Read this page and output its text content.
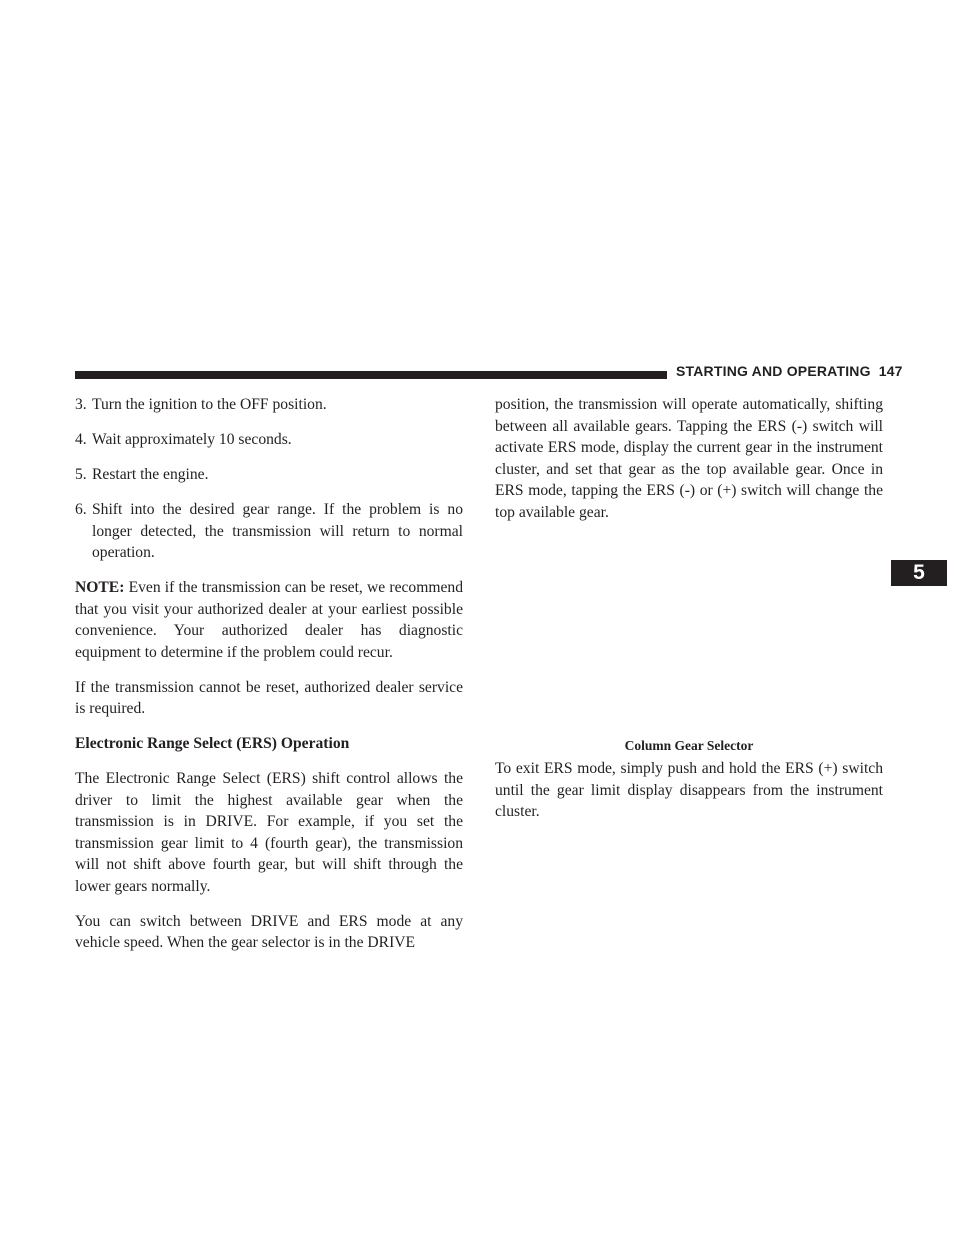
STARTING AND OPERATING 147
5
3. Turn the ignition to the OFF position.
4. Wait approximately 10 seconds.
5. Restart the engine.
6. Shift into the desired gear range. If the problem is no longer detected, the transmission will return to normal operation.

NOTE: Even if the transmission can be reset, we recommend that you visit your authorized dealer at your earliest possible convenience. Your authorized dealer has diagnostic equipment to determine if the problem could recur.

If the transmission cannot be reset, authorized dealer service is required.

Electronic Range Select (ERS) Operation

The Electronic Range Select (ERS) shift control allows the driver to limit the highest available gear when the transmission is in DRIVE. For example, if you set the transmission gear limit to 4 (fourth gear), the transmission will not shift above fourth gear, but will shift through the lower gears normally.

You can switch between DRIVE and ERS mode at any vehicle speed. When the gear selector is in the DRIVE

position, the transmission will operate automatically, shifting between all available gears. Tapping the ERS (-) switch will activate ERS mode, display the current gear in the instrument cluster, and set that gear as the top available gear. Once in ERS mode, tapping the ERS (-) or (+) switch will change the top available gear.

Column Gear Selector

To exit ERS mode, simply push and hold the ERS (+) switch until the gear limit display disappears from the instrument cluster.
